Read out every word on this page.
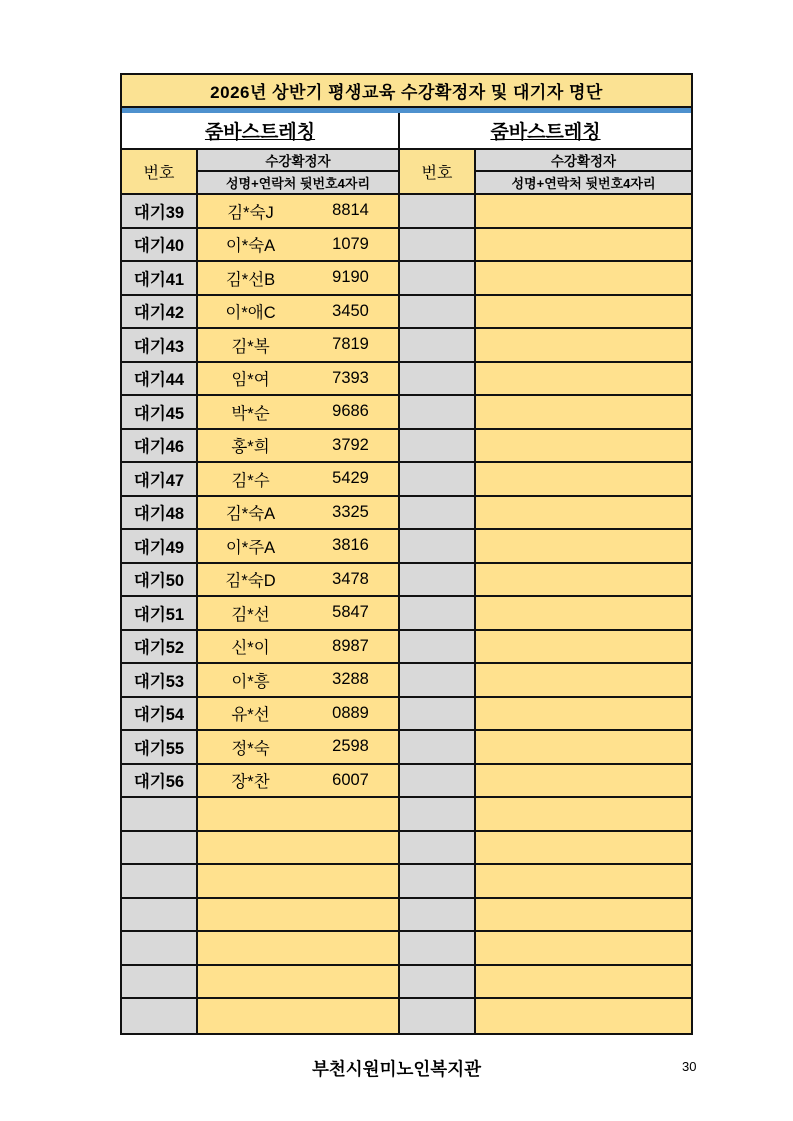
2026년 상반기 평생교육 수강확정자 및 대기자 명단
줌바스트레칭
번호
수강확정자
성명+연락처 뒷번호4자리
대기39	김*숙J	8814
대기40	이*숙A	1079
대기41	김*선B	9190
대기42	이*애C	3450
대기43	김*복	7819
대기44	임*여	7393
대기45	박*순	9686
대기46	홍*희	3792
대기47	김*수	5429
대기48	김*숙A	3325
대기49	이*주A	3816
대기50	김*숙D	3478
대기51	김*선	5847
대기52	신*이	8987
대기53	이*흥	3288
대기54	유*선	0889
대기55	정*숙	2598
대기56	장*찬	6007
줌바스트레칭
번호
수강확정자
성명+연락처 뒷번호4자리
부천시원미노인복지관	30
